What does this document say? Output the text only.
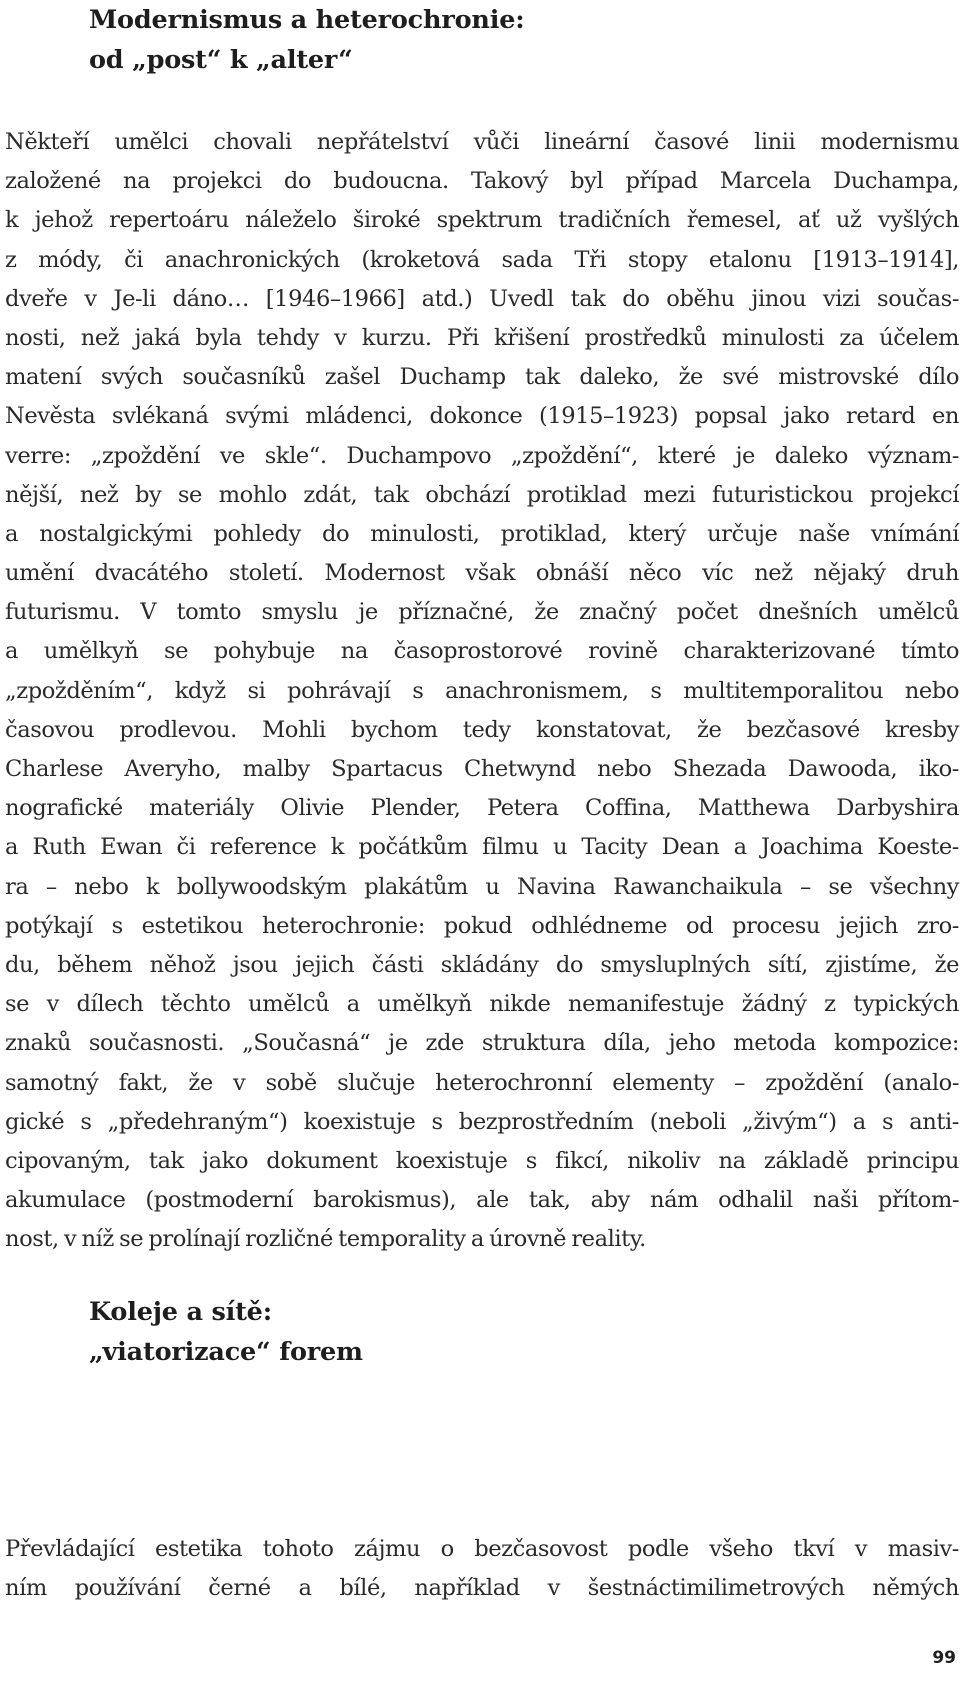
Modernismus a heterochronie:
od „post“ k „alter“
Někteří umělci chovali nepřátelství vůči lineární časové linii modernismu
založené na projekci do budoucna. Takový byl případ Marcela Duchampa,
k jehož repertoáru náleželo široké spektrum tradičních řemesel, ať už vyšlých
z módy, či anachronických (kroketová sada Tři stopy etalonu [1913–1914],
dveře v Je-li dáno… [1946–1966] atd.) Uvedl tak do oběhu jinou vizi součas-
nosti, než jaká byla tehdy v kurzu. Při křišení prostředků minulosti za účelem
matení svých současníků zašel Duchamp tak daleko, že své mistrovské dílo
Nevěsta svlékaná svými mládenci, dokonce (1915–1923) popsal jako retard en
verre: „zpoždění ve skle“. Duchampovo „zpoždění“, které je daleko význam-
nější, než by se mohlo zdát, tak obchází protiklad mezi futuristickou projekcí
a nostalgickými pohledy do minulosti, protiklad, který určuje naše vnímání
umění dvacátého století. Modernost však obnáší něco víc než nějaký druh
futurismu. V tomto smyslu je příznačné, že značný počet dnešních umělců
a umělkyň se pohybuje na časoprostorové rovině charakterizované tímto
„zpožděním“, když si pohrávají s anachronismem, s multitemporalitou nebo
časovou prodlevou. Mohli bychom tedy konstatovat, že bezčasové kresby
Charlese Averyho, malby Spartacus Chetwynd nebo Shezada Dawooda, iko-
nografické materiály Olivie Plender, Petera Coffina, Matthewa Darbyshira
a Ruth Ewan či reference k počátkům filmu u Tacity Dean a Joachima Koeste-
ra – nebo k bollywoodským plakátům u Navina Rawanchaikula – se všechny
potýkají s estetikou heterochronie: pokud odhlédneme od procesu jejich zro-
du, během něhož jsou jejich části skládány do smysluplných sítí, zjistíme, že
se v dílech těchto umělců a umělkyň nikde nemanifestuje žádný z typických
znaků současnosti. „Současná“ je zde struktura díla, jeho metoda kompozice:
samotný fakt, že v sobě slučuje heterochronní elementy – zpoždění (analo-
gické s „předehraným“) koexistuje s bezprostředním (neboli „živým“) a s anti-
cipovaným, tak jako dokument koexistuje s fikcí, nikoliv na základě principu
akumulace (postmoderní barokismus), ale tak, aby nám odhalil naši přítom-
nost, v níž se prolínají rozličné temporality a úrovně reality.
Koleje a sítě:
„viatorizace“ forem
Převládající estetika tohoto zájmu o bezčasovost podle všeho tkví v masiv-
ním používání černé a bílé, například v šestnáctimilimetrových němých
99
